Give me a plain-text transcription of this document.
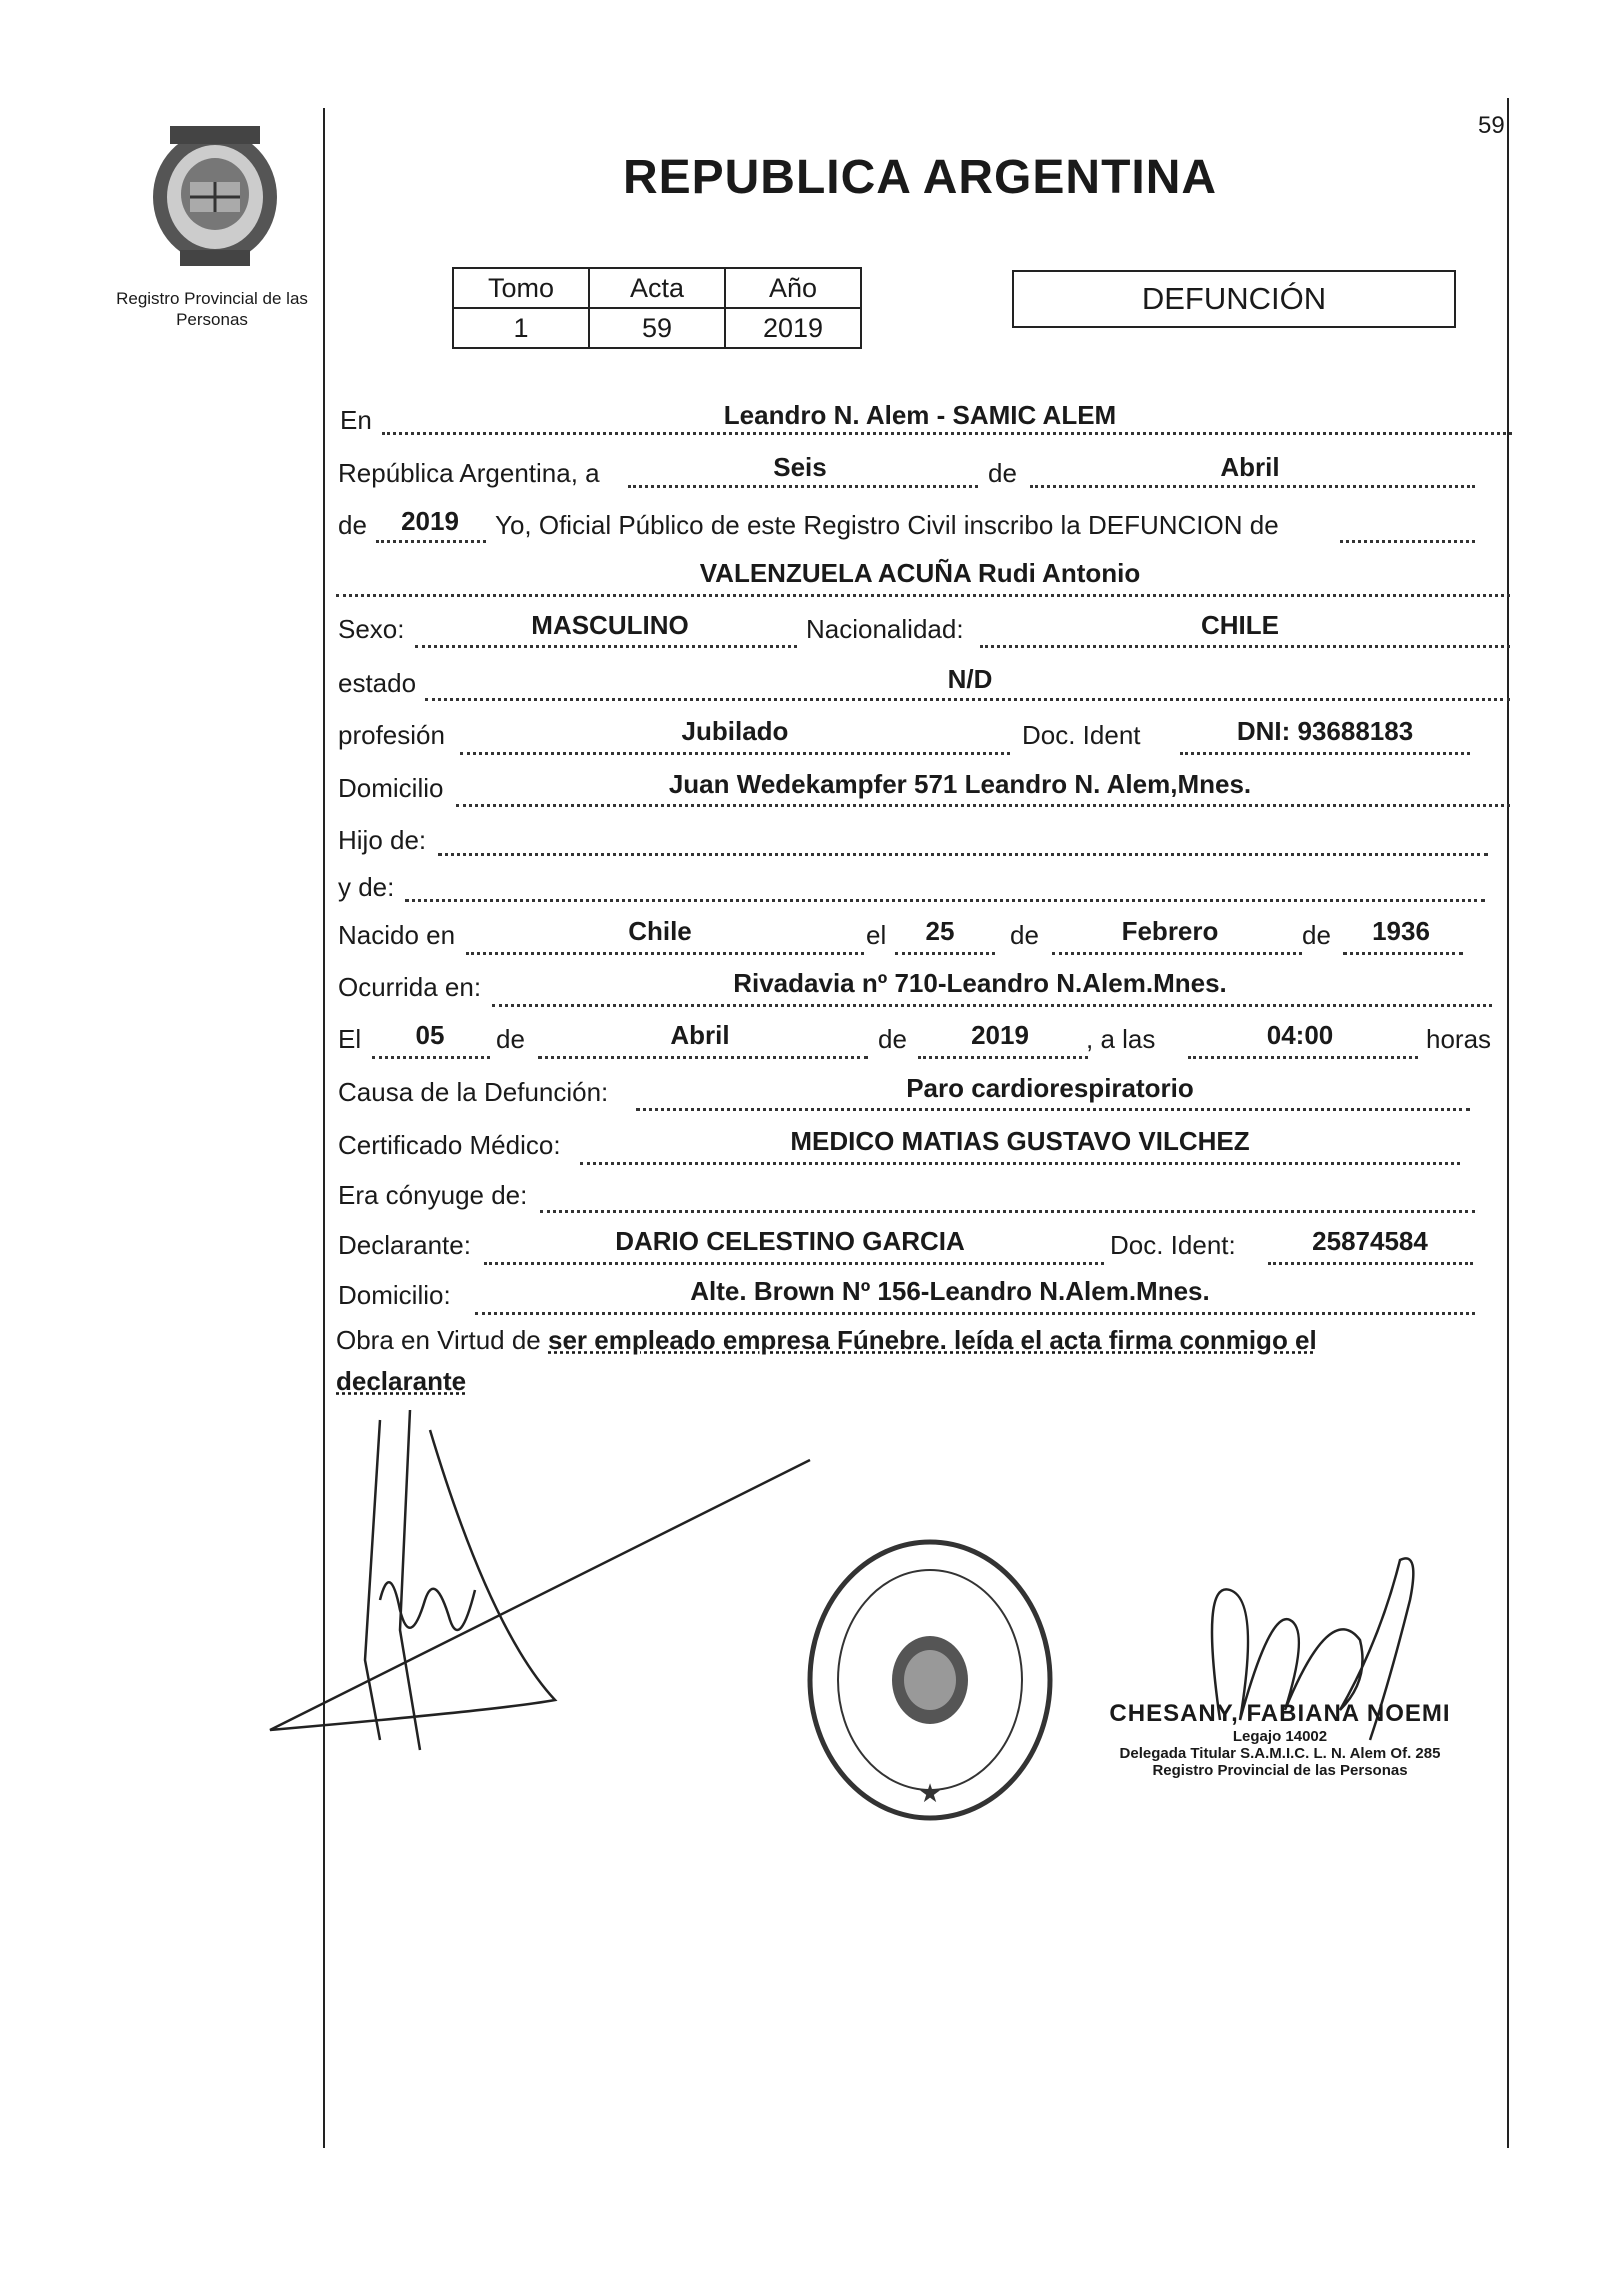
Registro Provincial de las Personas
59
REPUBLICA ARGENTINA
Tomo	Acta	Año
1	59	2019
DEFUNCIÓN
En	Leandro N. Alem - SAMIC ALEM
República Argentina, a	Seis	de	Abril
de	2019	Yo, Oficial Público de este Registro Civil inscribo la DEFUNCION de
VALENZUELA ACUÑA Rudi Antonio
Sexo:	MASCULINO	Nacionalidad:	CHILE
estado	N/D
profesión	Jubilado	Doc. Ident	DNI: 93688183
Domicilio	Juan Wedekampfer 571 Leandro N. Alem,Mnes.
Hijo de:
y de:
Nacido en	Chile	el	25	de	Febrero	de	1936
Ocurrida en:	Rivadavia nº 710-Leandro N.Alem.Mnes.
El	05	de	Abril	de	2019	, a las	04:00	horas
Causa de la Defunción:	Paro cardiorespiratorio
Certificado Médico:	MEDICO MATIAS GUSTAVO VILCHEZ
Era cónyuge de:
Declarante:	DARIO CELESTINO GARCIA	Doc. Ident:	25874584
Domicilio:	Alte. Brown Nº 156-Leandro N.Alem.Mnes.
Obra en Virtud de ser empleado empresa Fúnebre. leída el acta firma conmigo el
declarante
★
CHESANY, FABIANA NOEMI
Legajo 14002
Delegada Titular S.A.M.I.C. L. N. Alem Of. 285
Registro Provincial de las Personas
